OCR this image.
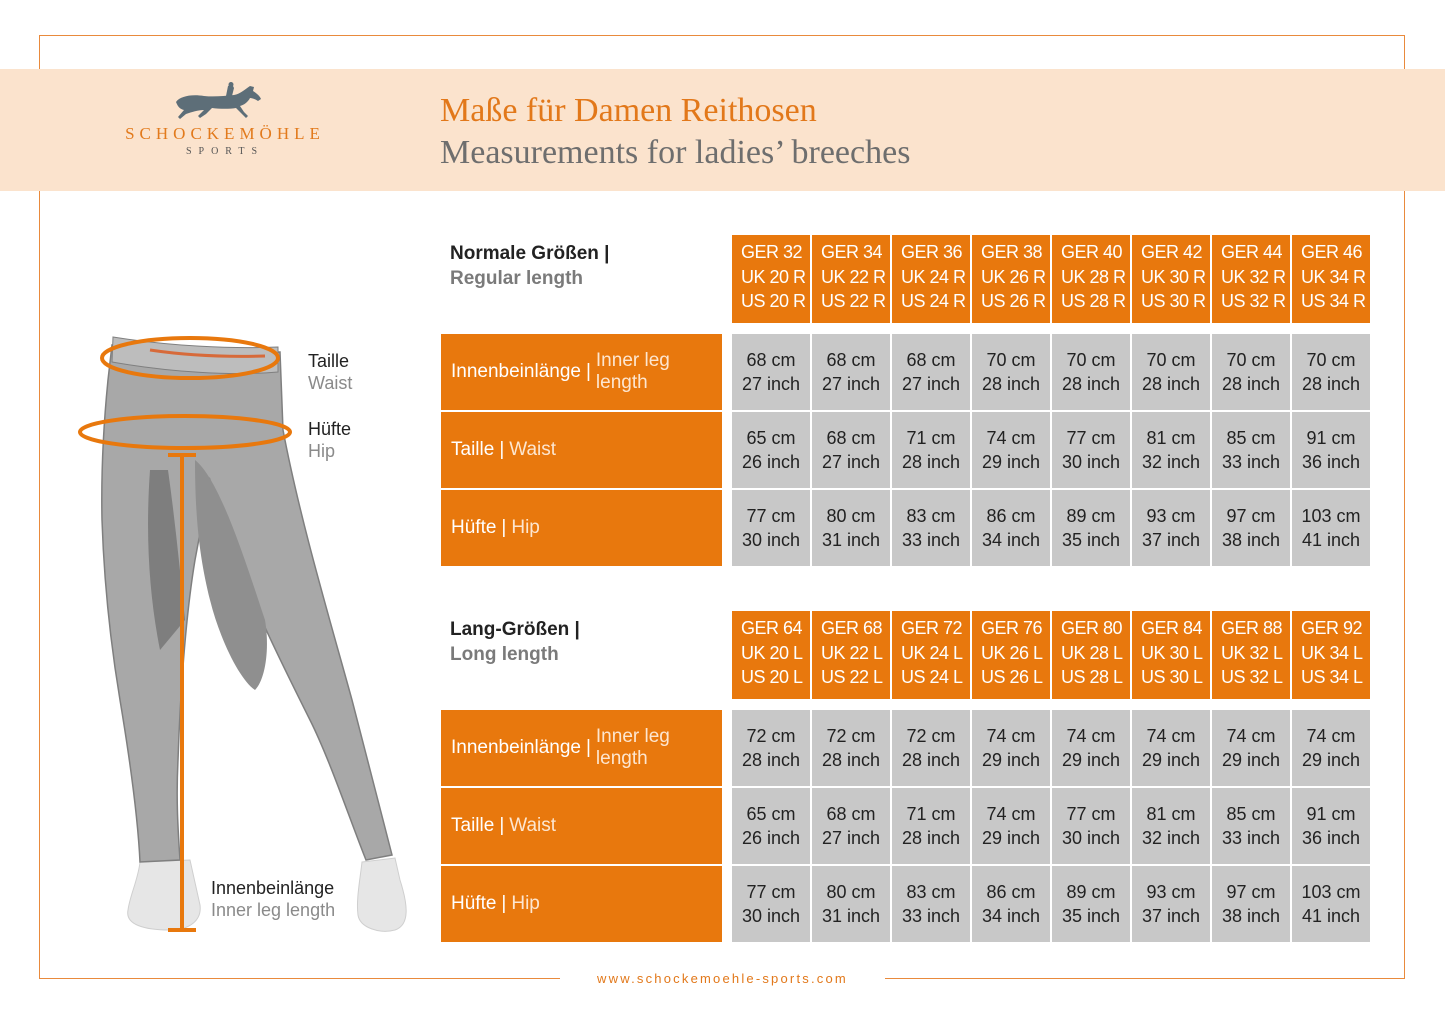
SCHOCKEMÖHLE
SPORTS
Maße für Damen Reithosen
Measurements for ladies’ breeches
Taille
Waist
Hüfte
Hip
Innenbeinlänge
Inner leg length
Normale Größen |
Regular length
GER 32
UK 20 R
US 20 R
GER 34
UK 22 R
US 22 R
GER 36
UK 24 R
US 24 R
GER 38
UK 26 R
US 26 R
GER 40
UK 28 R
US 28 R
GER 42
UK 30 R
US 30 R
GER 44
UK 32 R
US 32 R
GER 46
UK 34 R
US 34 R
Innenbeinlänge |
Inner leg length
68 cm
27 inch
68 cm
27 inch
68 cm
27 inch
70 cm
28 inch
70 cm
28 inch
70 cm
28 inch
70 cm
28 inch
70 cm
28 inch
Taille | Waist
65 cm
26 inch
68 cm
27 inch
71 cm
28 inch
74 cm
29 inch
77 cm
30 inch
81 cm
32 inch
85 cm
33 inch
91 cm
36 inch
Hüfte | Hip
77 cm
30 inch
80 cm
31 inch
83 cm
33 inch
86 cm
34 inch
89 cm
35 inch
93 cm
37 inch
97 cm
38 inch
103 cm
41 inch
Lang-Größen |
Long length
GER 64
UK 20 L
US 20 L
GER 68
UK 22 L
US 22 L
GER 72
UK 24 L
US 24 L
GER 76
UK 26 L
US 26 L
GER 80
UK 28 L
US 28 L
GER 84
UK 30 L
US 30 L
GER 88
UK 32 L
US 32 L
GER 92
UK 34 L
US 34 L
Innenbeinlänge |
Inner leg length
72 cm
28 inch
72 cm
28 inch
72 cm
28 inch
74 cm
29 inch
74 cm
29 inch
74 cm
29 inch
74 cm
29 inch
74 cm
29 inch
Taille | Waist
65 cm
26 inch
68 cm
27 inch
71 cm
28 inch
74 cm
29 inch
77 cm
30 inch
81 cm
32 inch
85 cm
33 inch
91 cm
36 inch
Hüfte | Hip
77 cm
30 inch
80 cm
31 inch
83 cm
33 inch
86 cm
34 inch
89 cm
35 inch
93 cm
37 inch
97 cm
38 inch
103 cm
41 inch
www.schockemoehle-sports.com
